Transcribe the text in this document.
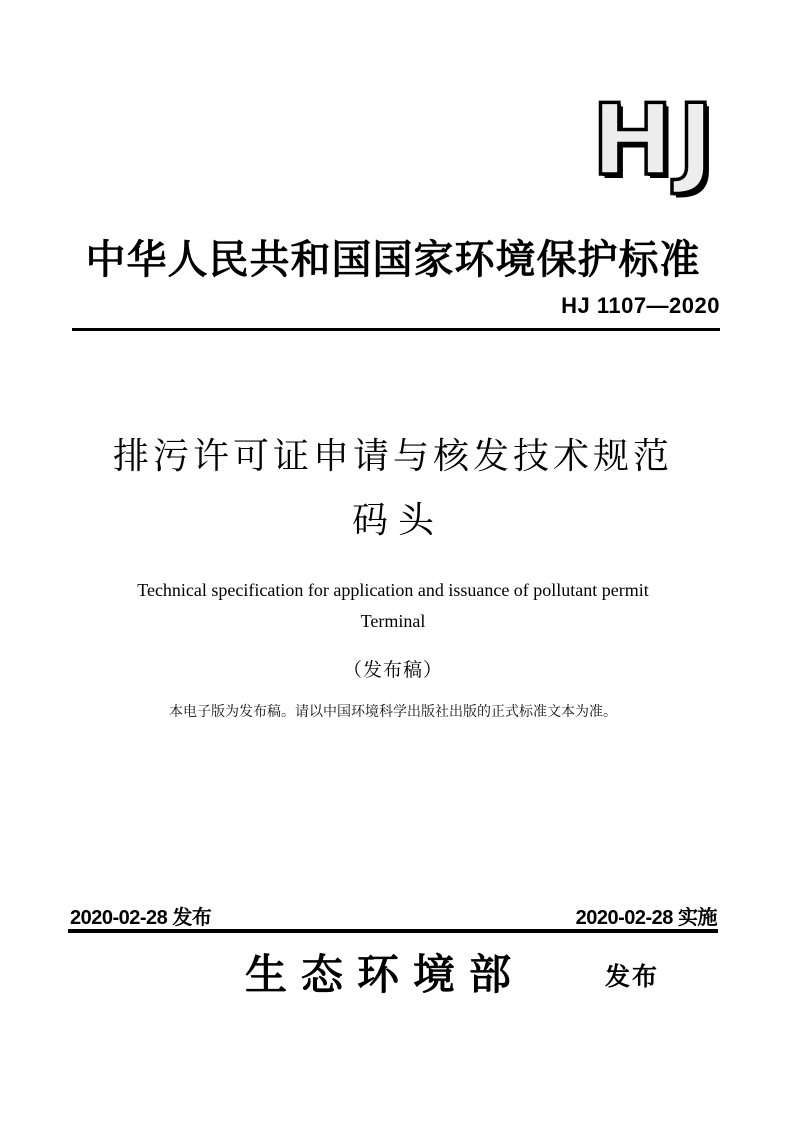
HJ
中华人民共和国国家环境保护标准
HJ 1107—2020
排污许可证申请与核发技术规范
码头
Technical specification for application and issuance of pollutant permit
Terminal
（发布稿）
本电子版为发布稿。请以中国环境科学出版社出版的正式标准文本为准。
2020-02-28 发布	2020-02-28 实施
生态环境部	发布
